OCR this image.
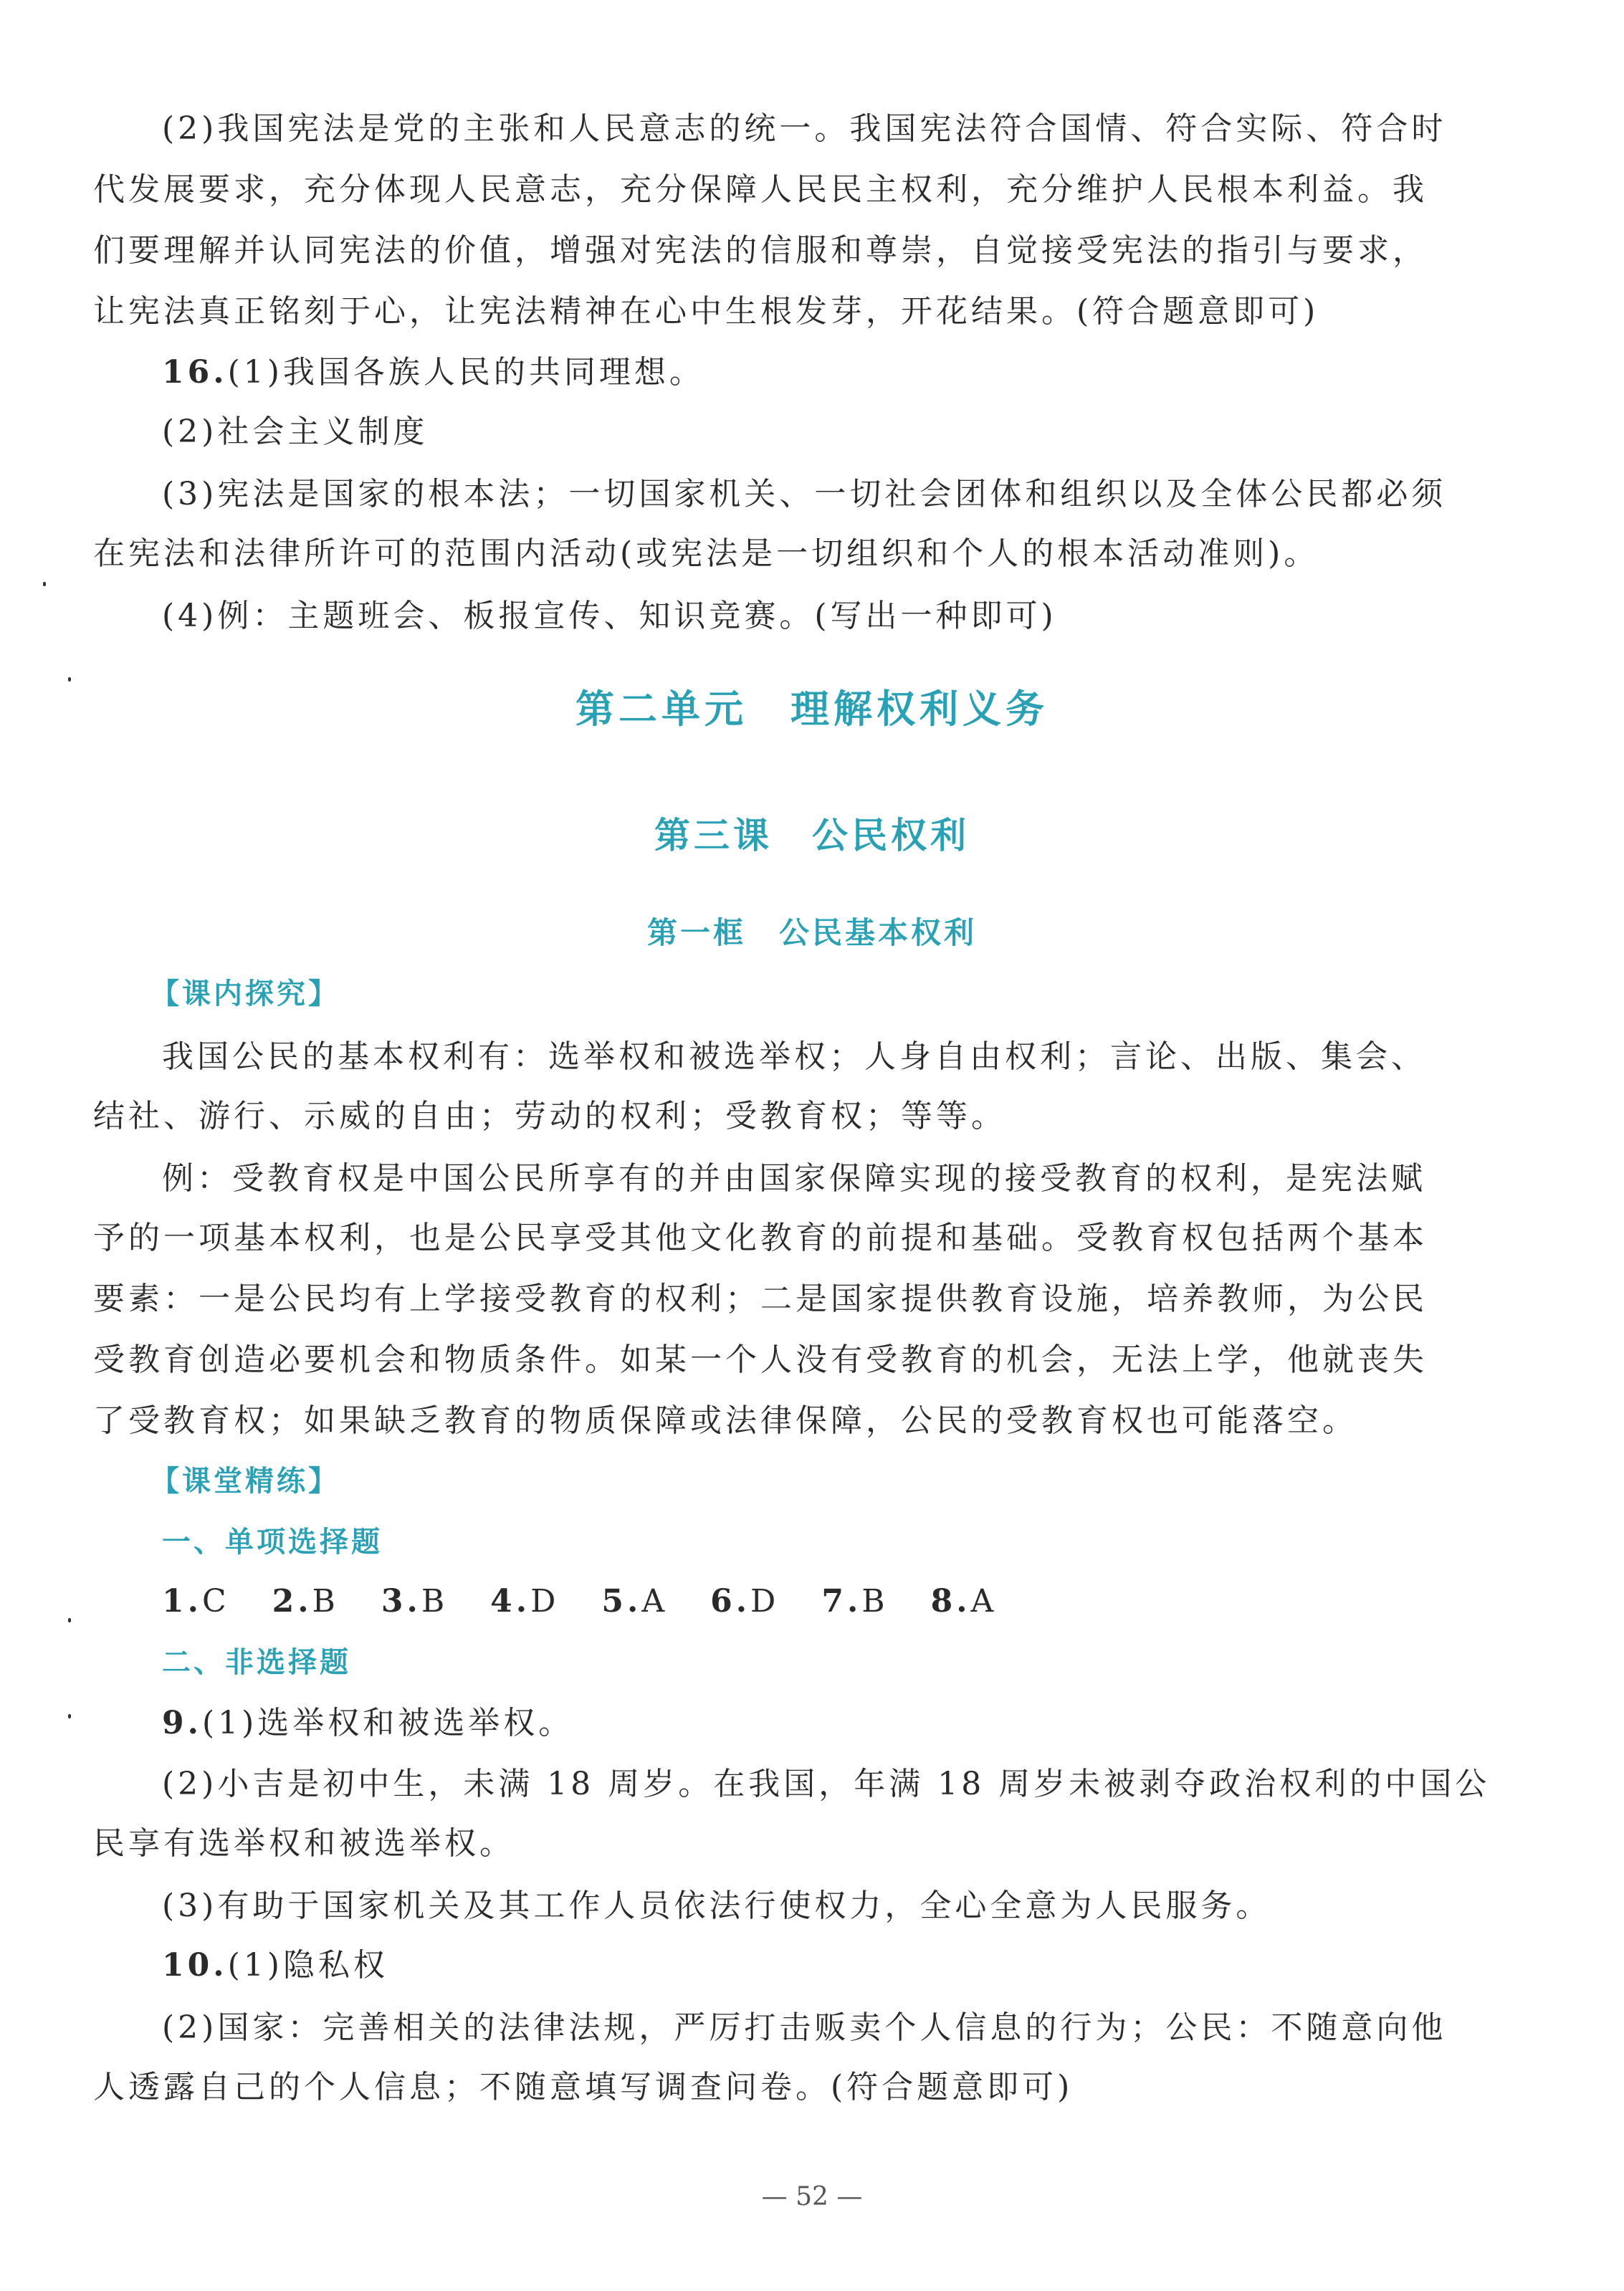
(2)我国宪法是党的主张和人民意志的统一。我国宪法符合国情、符合实际、符合时
代发展要求，充分体现人民意志，充分保障人民民主权利，充分维护人民根本利益。我
们要理解并认同宪法的价值，增强对宪法的信服和尊崇，自觉接受宪法的指引与要求，
让宪法真正铭刻于心，让宪法精神在心中生根发芽，开花结果。(符合题意即可)
16.(1)我国各族人民的共同理想。
(2)社会主义制度
(3)宪法是国家的根本法；一切国家机关、一切社会团体和组织以及全体公民都必须
在宪法和法律所许可的范围内活动(或宪法是一切组织和个人的根本活动准则)。
(4)例：主题班会、板报宣传、知识竞赛。(写出一种即可)
第二单元　理解权利义务
第三课　公民权利
第一框　公民基本权利
【课内探究】
我国公民的基本权利有：选举权和被选举权；人身自由权利；言论、出版、集会、
结社、游行、示威的自由；劳动的权利；受教育权；等等。
例：受教育权是中国公民所享有的并由国家保障实现的接受教育的权利，是宪法赋
予的一项基本权利，也是公民享受其他文化教育的前提和基础。受教育权包括两个基本
要素：一是公民均有上学接受教育的权利；二是国家提供教育设施，培养教师，为公民
受教育创造必要机会和物质条件。如某一个人没有受教育的机会，无法上学，他就丧失
了受教育权；如果缺乏教育的物质保障或法律保障，公民的受教育权也可能落空。
【课堂精练】
一、单项选择题
1.C 2.B 3.B 4.D 5.A 6.D 7.B 8.A
二、非选择题
9.(1)选举权和被选举权。
(2)小吉是初中生，未满 18 周岁。在我国，年满 18 周岁未被剥夺政治权利的中国公
民享有选举权和被选举权。
(3)有助于国家机关及其工作人员依法行使权力，全心全意为人民服务。
10.(1)隐私权
(2)国家：完善相关的法律法规，严厉打击贩卖个人信息的行为；公民：不随意向他
人透露自己的个人信息；不随意填写调查问卷。(符合题意即可)
— 52 —
